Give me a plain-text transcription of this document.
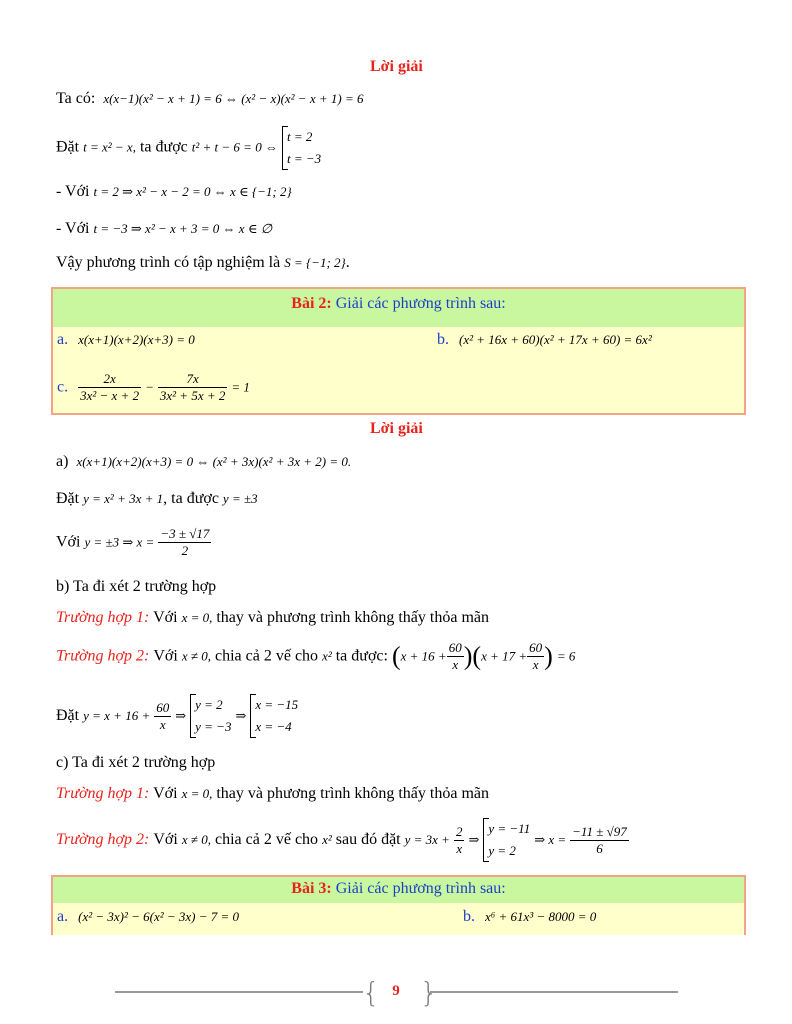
Lời giải
Ta có: x(x−1)(x² − x + 1) = 6 ⇔ (x² − x)(x² − x + 1) = 6
Đặt t = x² − x, ta được t² + t − 6 = 0 ⇔
t = 2
t = −3
- Với t = 2 ⇒ x² − x − 2 = 0 ⇔ x ∈ {−1; 2}
- Với t = −3 ⇒ x² − x + 3 = 0 ⇔ x ∈ ∅
Vậy phương trình có tập nghiệm là S = {−1; 2}.
Bài 2: Giải các phương trình sau:
a. x(x+1)(x+2)(x+3) = 0	b. (x² + 16x + 60)(x² + 17x + 60) = 6x²
c. $\frac{2x}{\text{3x² − x + 2}} - \frac{7x}{\text{3x² + 5x + 2}} = 1$
Lời giải
a) x(x+1)(x+2)(x+3) = 0 ⇔ (x² + 3x)(x² + 3x + 2) = 0.
Đặt y = x² + 3x + 1, ta được y = ±3
Với y = ±3 ⇒ $x = \frac{-3 \pm √17}{2}$
b) Ta đi xét 2 trường hợp
Trường hợp 1: Với x = 0, thay và phương trình không thấy thỏa mãn
Trường hợp 2: Với x ≠ 0, chia cả 2 vế cho x² ta được: $(x + 16 + \frac{60}{x} )(x + 17 + \frac{60}{x}$ ) = 6
Đặt $y = x + 16 + \frac{60}{x}$ ⇒
y = 2
y = −3
⇒
x = −15
x = −4
c) Ta đi xét 2 trường hợp
Trường hợp 1: Với x = 0, thay và phương trình không thấy thỏa mãn
Trường hợp 2: Với x ≠ 0, chia cả 2 vế cho x² sau đó đặt $y = 3x + \frac{2}{x}$ ⇒
y = −11
y = 2
⇒ $x = \frac{-11 \pm √97}{6}$
Bài 3: Giải các phương trình sau:
a. (x² − 3x)² − 6(x² − 3x) − 7 = 0	b. x⁶ + 61x³ − 8000 = 0
{ }
9
